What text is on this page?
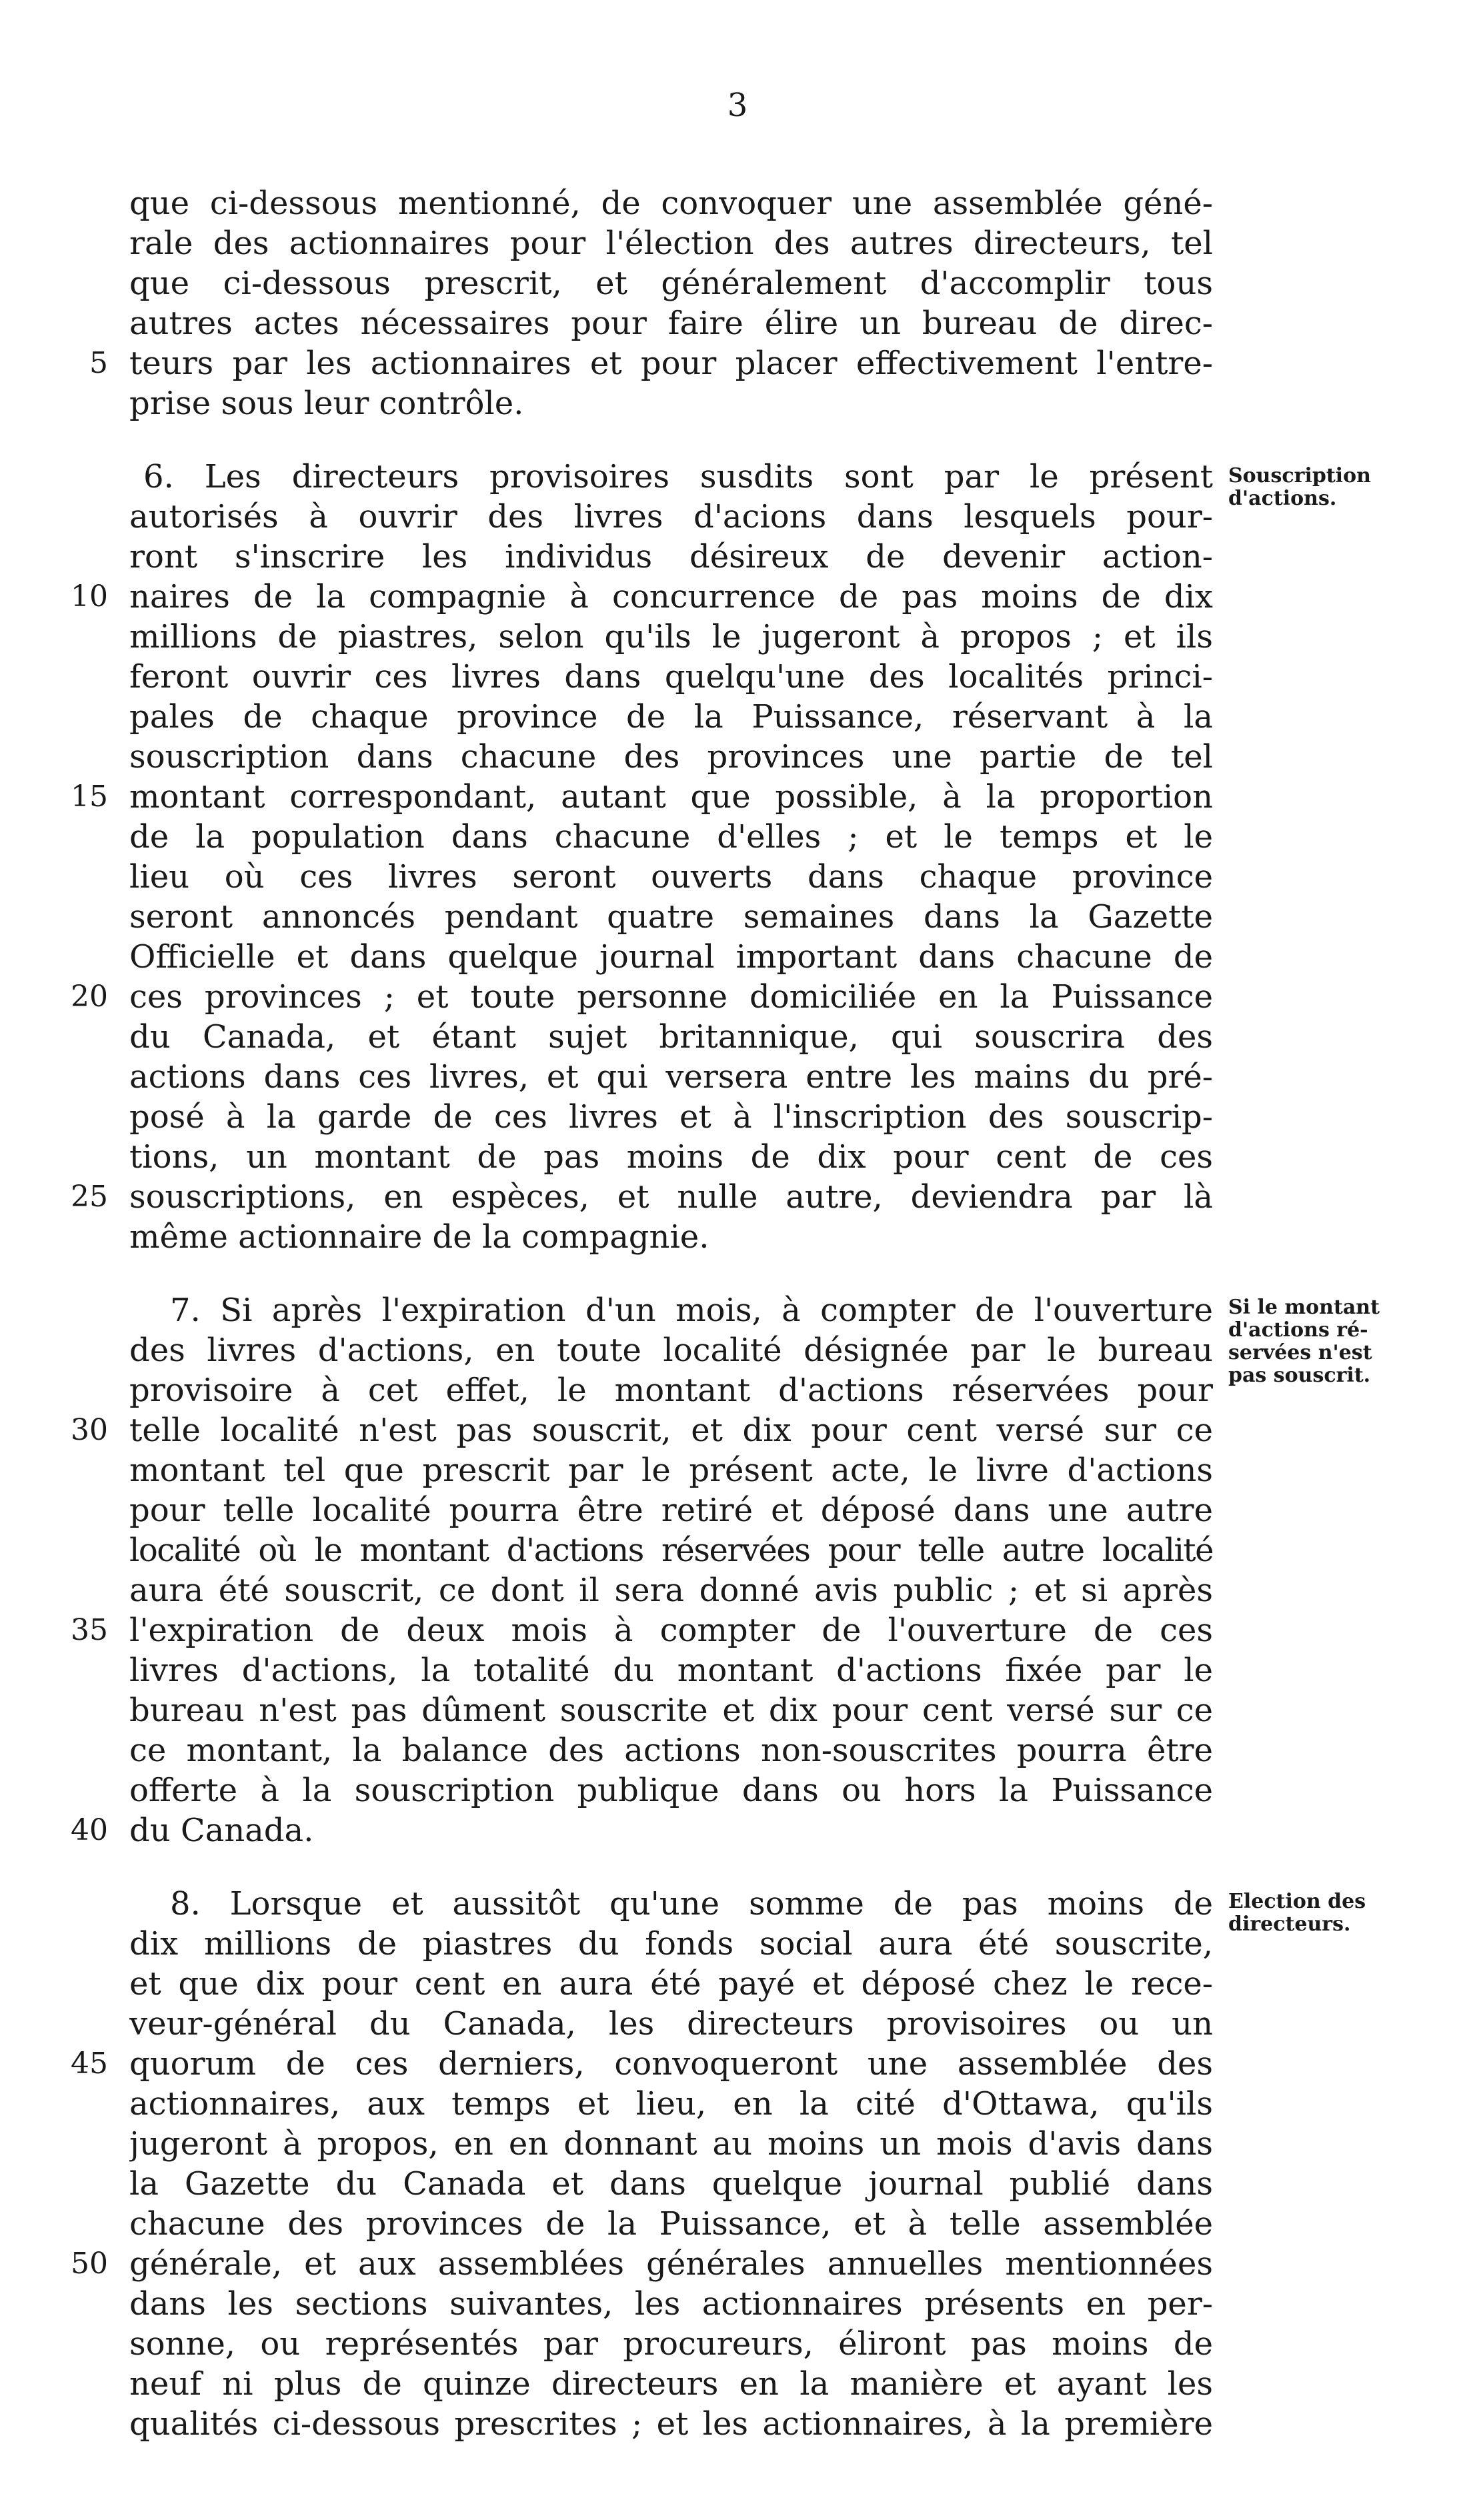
3
que ci-dessous mentionné, de convoquer une assemblée géné-
rale des actionnaires pour l'élection des autres directeurs, tel
que ci-dessous prescrit, et généralement d'accomplir tous
autres actes nécessaires pour faire élire un bureau de direc-
5 teurs par les actionnaires et pour placer effectivement l'entre-
prise sous leur contrôle.
6. Les directeurs provisoires susdits sont par le présent Souscription
d'actions.
autorisés à ouvrir des livres d'acions dans lesquels pour-
ront s'inscrire les individus désireux de devenir action-
10 naires de la compagnie à concurrence de pas moins de dix
millions de piastres, selon qu'ils le jugeront à propos ; et ils
feront ouvrir ces livres dans quelqu'une des localités princi-
pales de chaque province de la Puissance, réservant à la
souscription dans chacune des provinces une partie de tel
15 montant correspondant, autant que possible, à la proportion
de la population dans chacune d'elles ; et le temps et le
lieu où ces livres seront ouverts dans chaque province
seront annoncés pendant quatre semaines dans la Gazette
Officielle et dans quelque journal important dans chacune de
20 ces provinces ; et toute personne domiciliée en la Puissance
du Canada, et étant sujet britannique, qui souscrira des
actions dans ces livres, et qui versera entre les mains du pré-
posé à la garde de ces livres et à l'inscription des souscrip-
tions, un montant de pas moins de dix pour cent de ces
25 souscriptions, en espèces, et nulle autre, deviendra par là
même actionnaire de la compagnie.
7. Si après l'expiration d'un mois, à compter de l'ouverture Si le montant
d'actions ré-
servées n'est
pas souscrit.
des livres d'actions, en toute localité désignée par le bureau
provisoire à cet effet, le montant d'actions réservées pour
30 telle localité n'est pas souscrit, et dix pour cent versé sur ce
montant tel que prescrit par le présent acte, le livre d'actions
pour telle localité pourra être retiré et déposé dans une autre
localité où le montant d'actions réservées pour telle autre localité
aura été souscrit, ce dont il sera donné avis public ; et si après
35 l'expiration de deux mois à compter de l'ouverture de ces
livres d'actions, la totalité du montant d'actions fixée par le
bureau n'est pas dûment souscrite et dix pour cent versé sur ce
ce montant, la balance des actions non-souscrites pourra être
offerte à la souscription publique dans ou hors la Puissance
40 du Canada.
8. Lorsque et aussitôt qu'une somme de pas moins de Election des
directeurs.
dix millions de piastres du fonds social aura été souscrite,
et que dix pour cent en aura été payé et déposé chez le rece-
veur-général du Canada, les directeurs provisoires ou un
45 quorum de ces derniers, convoqueront une assemblée des
actionnaires, aux temps et lieu, en la cité d'Ottawa, qu'ils
jugeront à propos, en en donnant au moins un mois d'avis dans
la Gazette du Canada et dans quelque journal publié dans
chacune des provinces de la Puissance, et à telle assemblée
50 générale, et aux assemblées générales annuelles mentionnées
dans les sections suivantes, les actionnaires présents en per-
sonne, ou représentés par procureurs, éliront pas moins de
neuf ni plus de quinze directeurs en la manière et ayant les
qualités ci-dessous prescrites ; et les actionnaires, à la première
